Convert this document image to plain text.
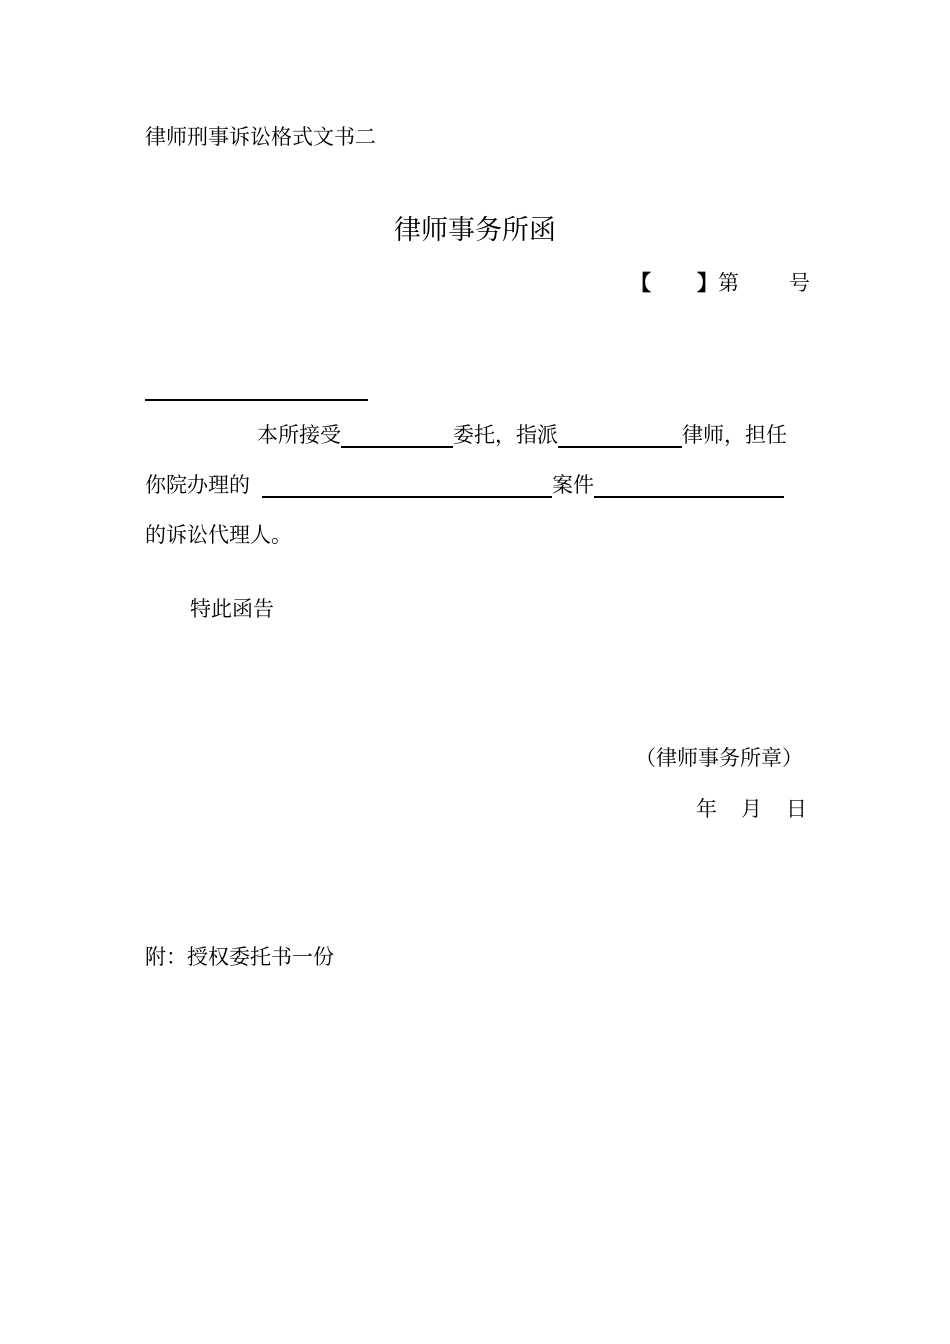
律师刑事诉讼格式文书二
律师事务所函
【 】第 号
本所接受	委托，指派	律师，担任
你院办理的	案件
的诉讼代理人。
特此函告
（律师事务所章）
年 月 日
附：授权委托书一份
